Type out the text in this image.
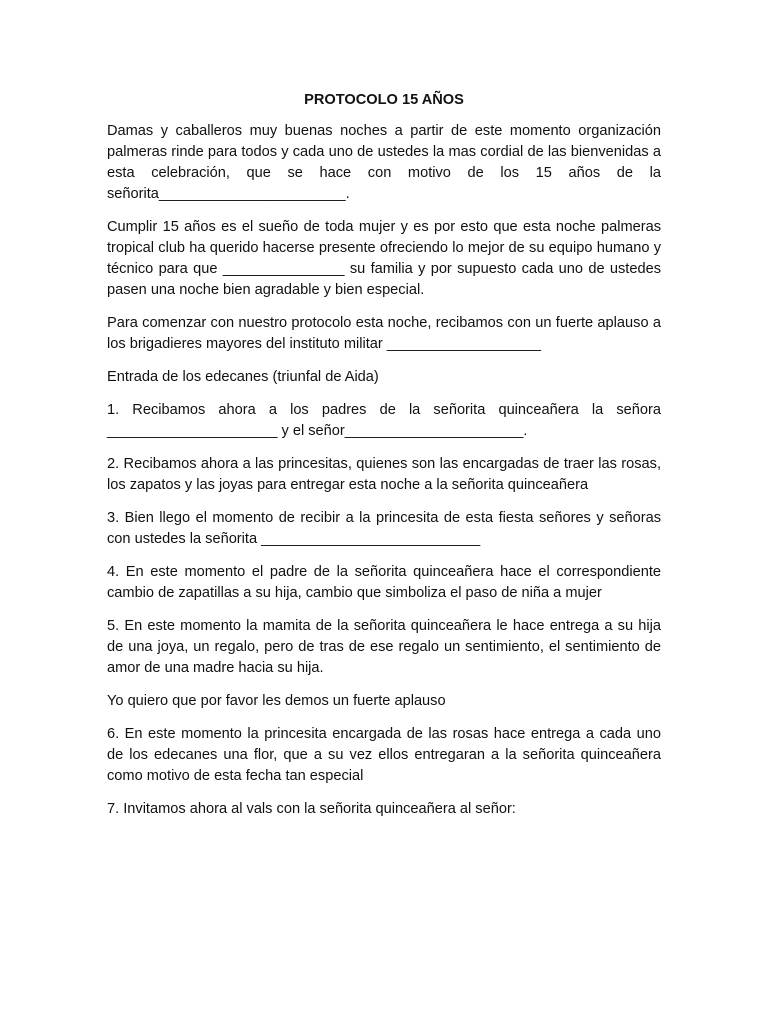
PROTOCOLO 15 AÑOS

Damas y caballeros muy buenas noches a partir de este momento organización palmeras rinde para todos y cada uno de ustedes la mas cordial de las bienvenidas a esta celebración, que se hace con motivo de los 15 años de la señorita_______________________.

Cumplir 15 años es el sueño de toda mujer y es por esto que esta noche palmeras tropical club ha querido hacerse presente ofreciendo lo mejor de su equipo humano y técnico para que _______________ su familia y por supuesto cada uno de ustedes pasen una noche bien agradable y bien especial.

Para comenzar con nuestro protocolo esta noche, recibamos con un fuerte aplauso a los brigadieres mayores del instituto militar ___________________

Entrada de los edecanes (triunfal de Aida)

1. Recibamos ahora a los padres de la señorita quinceañera la señora _____________________ y el señor______________________.

2. Recibamos ahora a las princesitas, quienes son las encargadas de traer las rosas, los zapatos y las joyas para entregar esta noche a la señorita quinceañera

3. Bien llego el momento de recibir a la princesita de esta fiesta señores y señoras con ustedes la señorita ___________________________

4. En este momento el padre de la señorita quinceañera hace el correspondiente cambio de zapatillas a su hija, cambio que simboliza el paso de niña a mujer

5. En este momento la mamita de la señorita quinceañera le hace entrega a su hija de una joya, un regalo, pero de tras de ese regalo un sentimiento, el sentimiento de amor de una madre hacia su hija.

Yo quiero que por favor les demos un fuerte aplauso

6. En este momento la princesita encargada de las rosas hace entrega a cada uno de los edecanes una flor, que a su vez ellos entregaran a la señorita quinceañera como motivo de esta fecha tan especial

7. Invitamos ahora al vals con la señorita quinceañera al señor:
